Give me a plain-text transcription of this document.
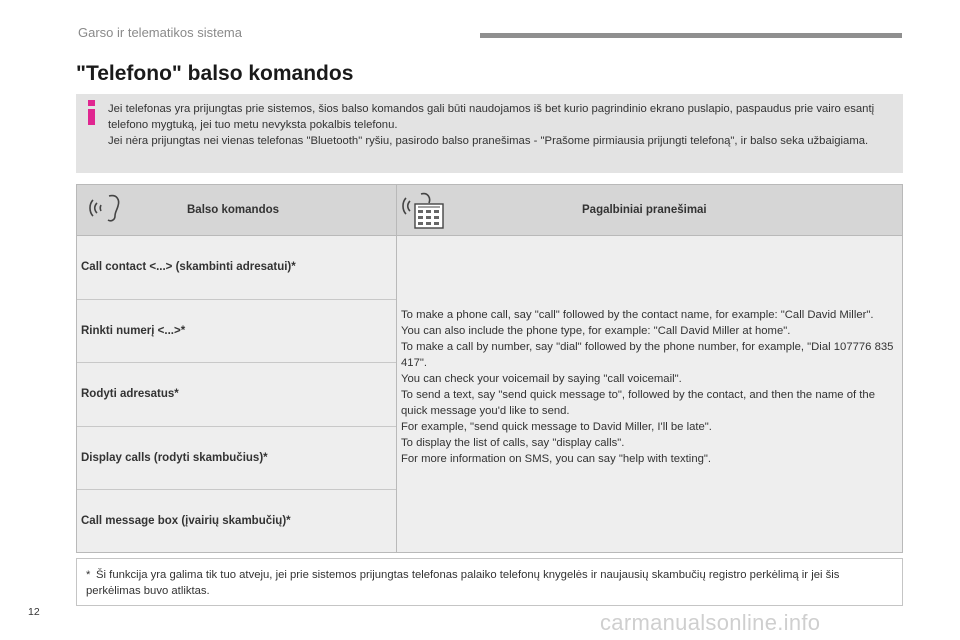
Garso ir telematikos sistema
"Telefono" balso komandos

Jei telefonas yra prijungtas prie sistemos, šios balso komandos gali būti naudojamos iš bet kurio pagrindinio ekrano puslapio, paspaudus prie vairo esantį telefono mygtuką, jei tuo metu nevyksta pokalbis telefonu.

Jei nėra prijungtas nei vienas telefonas "Bluetooth" ryšiu, pasirodo balso pranešimas - "Prašome pirmiausia prijungti telefoną", ir balso seka užbaigiama.

Balso komandos	Pagalbiniai pranešimai
Call contact <...> (skambinti adresatui)*
Rinkti numerį <...>*
Rodyti adresatus*
Display calls (rodyti skambučius)*
Call message box (įvairių skambučių)*

To make a phone call, say "call" followed by the contact name, for example: "Call David Miller".

You can also include the phone type, for example: "Call David Miller at home".

To make a call by number, say "dial" followed by the phone number, for example, "Dial 107776 835 417".

You can check your voicemail by saying "call voicemail".

To send a text, say "send quick message to", followed by the contact, and then the name of the quick message you'd like to send.

For example, "send quick message to David Miller, I'll be late".

To display the list of calls, say "display calls".

For more information on SMS, you can say "help with texting".

* Ši funkcija yra galima tik tuo atveju, jei prie sistemos prijungtas telefonas palaiko telefonų knygelės ir naujausių skambučių registro perkėlimą ir jei šis perkėlimas buvo atliktas.
12	carmanualsonline.info
